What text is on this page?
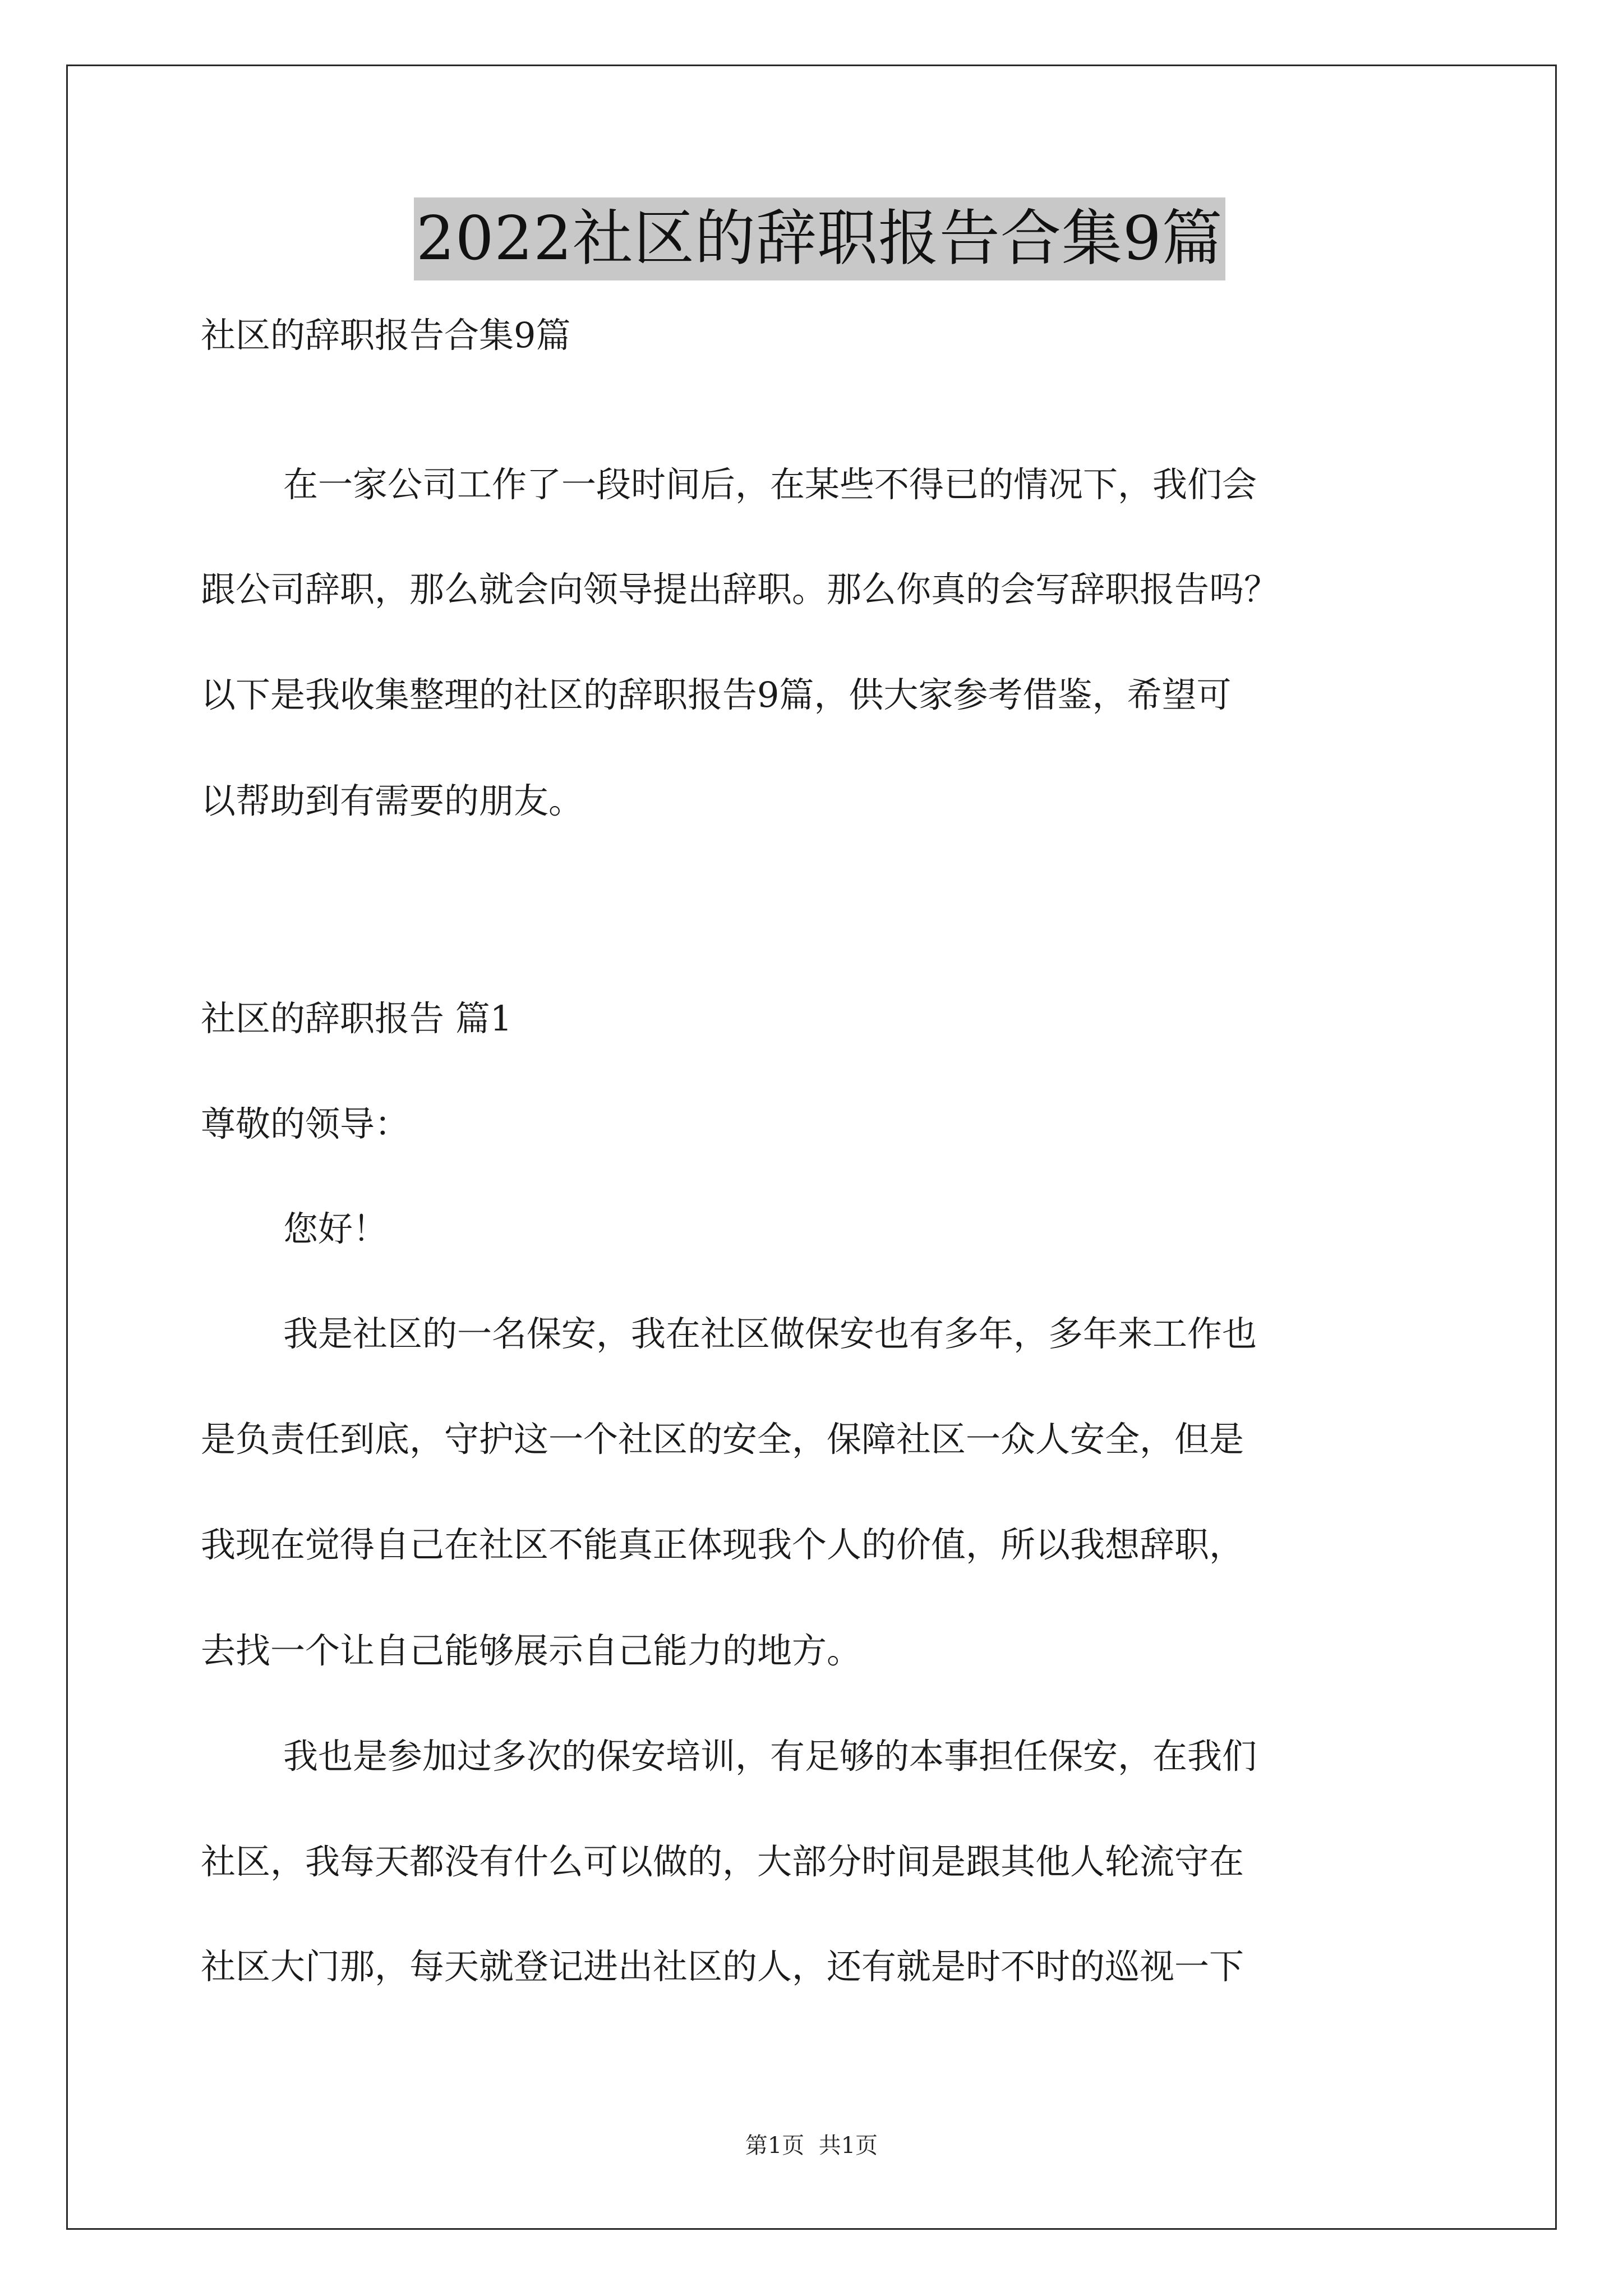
2022社区的辞职报告合集9篇
社区的辞职报告合集9篇
在一家公司工作了一段时间后，在某些不得已的情况下，我们会
跟公司辞职，那么就会向领导提出辞职。那么你真的会写辞职报告吗？
以下是我收集整理的社区的辞职报告9篇，供大家参考借鉴，希望可
以帮助到有需要的朋友。
社区的辞职报告 篇1
尊敬的领导：
您好！
我是社区的一名保安，我在社区做保安也有多年，多年来工作也
是负责任到底，守护这一个社区的安全，保障社区一众人安全，但是
我现在觉得自己在社区不能真正体现我个人的价值，所以我想辞职，
去找一个让自己能够展示自己能力的地方。
我也是参加过多次的保安培训，有足够的本事担任保安，在我们
社区，我每天都没有什么可以做的，大部分时间是跟其他人轮流守在
社区大门那，每天就登记进出社区的人，还有就是时不时的巡视一下
第1页  共1页
